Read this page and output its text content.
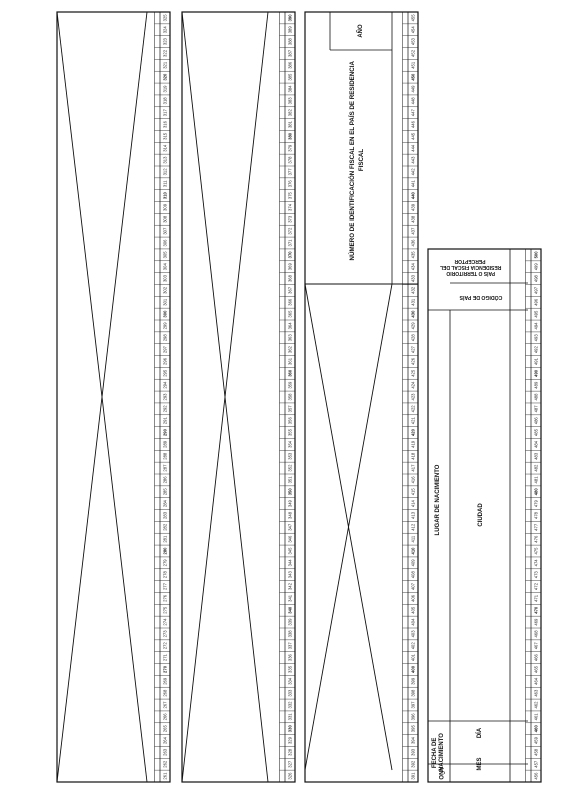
325
324
323
322
321
320
319
318
317
316
315
314
313
312
311
310
309
308
307
306
305
304
303
302
301
300
299
298
297
296
295
294
293
292
291
290
289
288
287
286
285
284
283
282
281
280
279
278
277
276
275
274
273
272
271
270
269
268
267
266
265
264
263
262
261
390
389
388
387
386
385
384
383
382
381
380
379
378
377
376
375
374
373
372
371
370
369
368
367
366
365
364
363
362
361
360
359
358
357
356
355
354
353
352
351
350
349
348
347
346
345
344
343
342
341
340
339
338
337
336
335
334
333
332
331
330
329
328
327
326
AÑO
NÚMERO DE IDENTIFICACIÓN FISCAL EN EL PAÍS DE RESIDENCIA FISCAL
455
454
453
452
451
450
449
448
447
446
445
444
443
442
441
440
439
438
437
436
435
434
433
432
431
430
429
428
427
426
425
424
423
422
421
420
419
418
417
416
415
414
413
412
411
410
409
408
407
406
405
404
403
402
401
400
399
398
397
396
395
394
393
392
391
FECHA DE NACIMIENTO
AÑO
MES
DÍA
LUGAR DE NACIMIENTO	CIUDAD
CÓDIGO DE PAÍS
PAÍS O TERRITORIO RESIDENCIA FISCAL DEL PERCEPTOR
500
499
498
497
496
495
494
493
492
491
490
489
488
487
486
485
484
483
482
481
480
479
478
477
476
475
474
473
472
471
470
469
468
467
466
465
464
463
462
461
460
459
458
457
456
